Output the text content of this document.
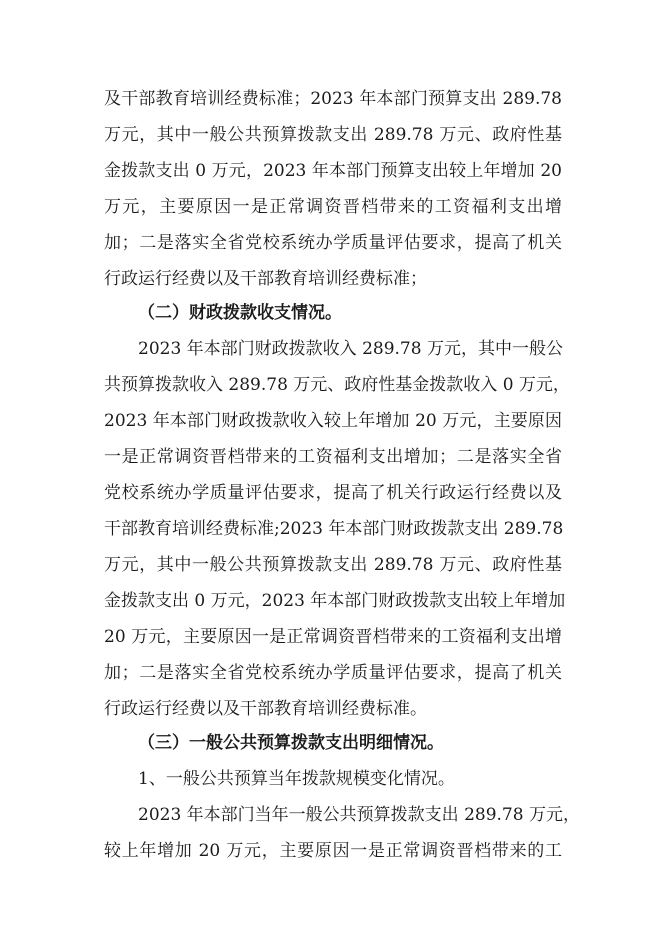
及干部教育培训经费标准；2023 年本部门预算支出 289.78
万元，其中一般公共预算拨款支出 289.78 万元、政府性基
金拨款支出 0 万元，2023 年本部门预算支出较上年增加 20
万元，主要原因一是正常调资晋档带来的工资福利支出增
加；二是落实全省党校系统办学质量评估要求，提高了机关
行政运行经费以及干部教育培训经费标准；
（二）财政拨款收支情况。
2023 年本部门财政拨款收入 289.78 万元，其中一般公
共预算拨款收入 289.78 万元、政府性基金拨款收入 0 万元，
2023 年本部门财政拨款收入较上年增加 20 万元，主要原因
一是正常调资晋档带来的工资福利支出增加；二是落实全省
党校系统办学质量评估要求，提高了机关行政运行经费以及
干部教育培训经费标准;2023 年本部门财政拨款支出 289.78
万元，其中一般公共预算拨款支出 289.78 万元、政府性基
金拨款支出 0 万元，2023 年本部门财政拨款支出较上年增加
20 万元，主要原因一是正常调资晋档带来的工资福利支出增
加；二是落实全省党校系统办学质量评估要求，提高了机关
行政运行经费以及干部教育培训经费标准。
（三）一般公共预算拨款支出明细情况。
1、一般公共预算当年拨款规模变化情况。
2023 年本部门当年一般公共预算拨款支出 289.78 万元，
较上年增加 20 万元，主要原因一是正常调资晋档带来的工
